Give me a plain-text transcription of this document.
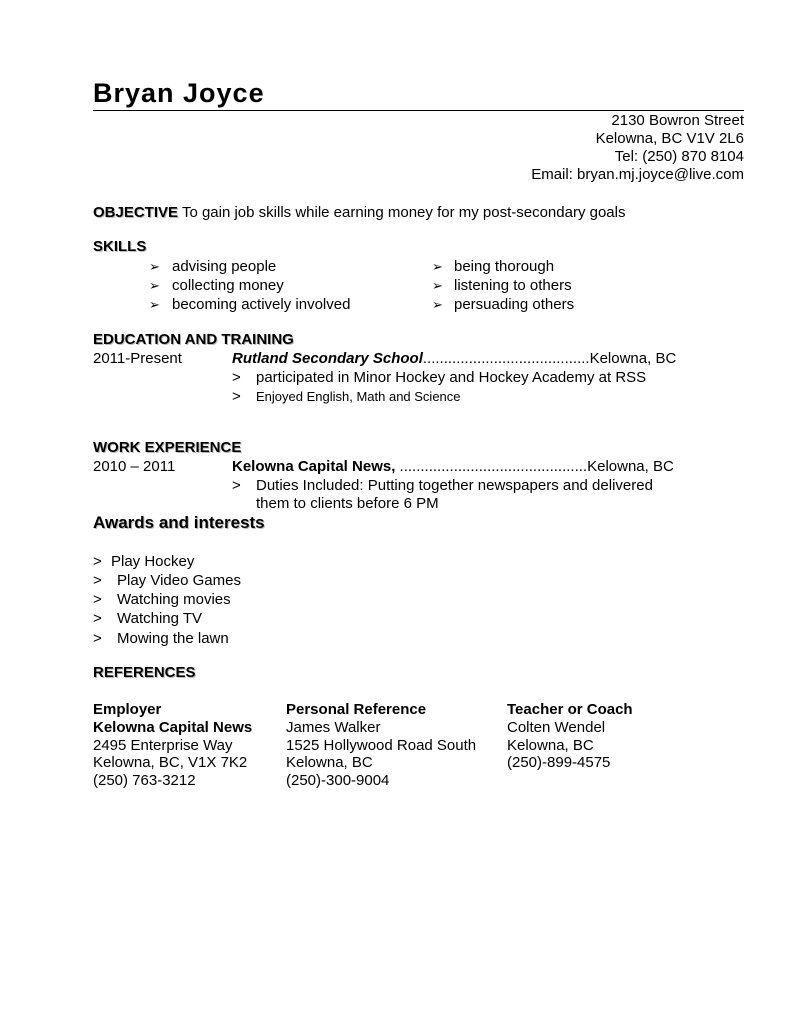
Bryan Joyce
2130 Bowron Street
Kelowna, BC V1V 2L6
Tel: (250) 870 8104
Email: bryan.mj.joyce@live.com
OBJECTIVE To gain job skills while earning money for my post-secondary goals
SKILLS
➢ advising people
➢ collecting money
➢ becoming actively involved
➢ being thorough
➢ listening to others
➢ persuading others
EDUCATION AND TRAINING
2011-Present	Rutland Secondary School........................................Kelowna, BC
> participated in Minor Hockey and Hockey Academy at RSS
> Enjoyed English, Math and Science
WORK EXPERIENCE
2010 – 2011	Kelowna Capital News, .............................................Kelowna, BC
> Duties Included: Putting together newspapers and delivered
them to clients before 6 PM
Awards and interests
> Play Hockey
> Play Video Games
> Watching movies
> Watching TV
> Mowing the lawn
REFERENCES
Employer
Kelowna Capital News
2495 Enterprise Way
Kelowna, BC, V1X 7K2
(250) 763-3212
Personal Reference
James Walker
1525 Hollywood Road South
Kelowna, BC
(250)-300-9004
Teacher or Coach
Colten Wendel
Kelowna, BC
(250)-899-4575
